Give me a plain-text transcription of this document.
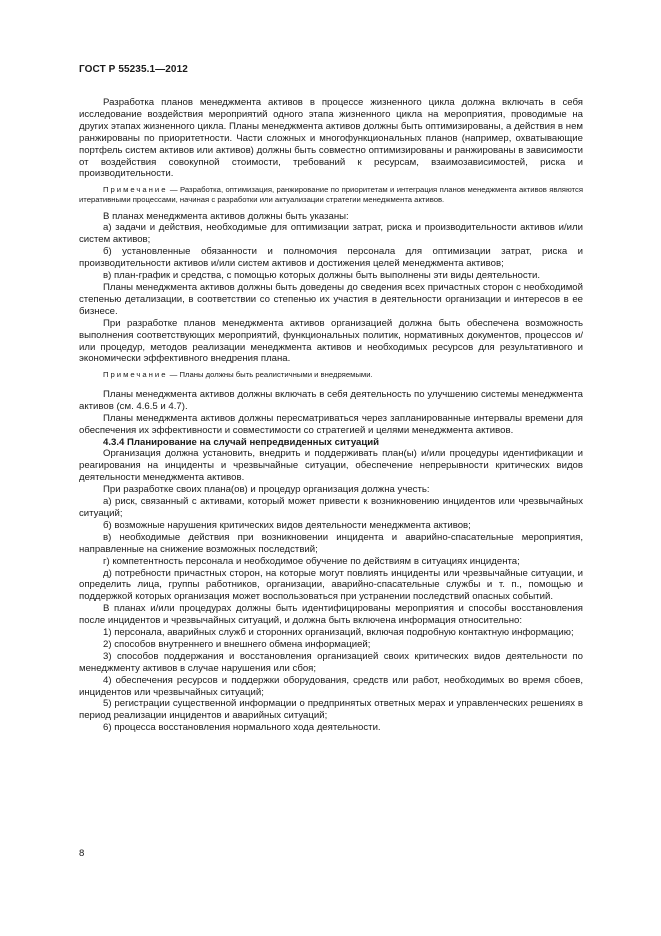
ГОСТ Р 55235.1—2012

Разработка планов менеджмента активов в процессе жизненного цикла должна включать в себя исследование воздействия мероприятий одного этапа жизненного цикла на мероприятия, проводимые на других этапах жизненного цикла. Планы менеджмента активов должны быть оптимизированы, а действия в нем ранжированы по приоритетности. Части сложных и многофункциональных планов (например, охватывающие портфель систем активов или активов) должны быть совместно оптимизированы и ранжированы в зависимости от воздействия совокупной стоимости, требований к ресурсам, взаимозависимостей, риска и производительности.

Примечание — Разработка, оптимизация, ранжирование по приоритетам и интеграция планов менеджмента активов являются итеративными процессами, начиная с разработки или актуализации стратегии менеджмента активов.

В планах менеджмента активов должны быть указаны:

а) задачи и действия, необходимые для оптимизации затрат, риска и производительности активов и/или систем активов;

б) установленные обязанности и полномочия персонала для оптимизации затрат, риска и производительности активов и/или систем активов и достижения целей менеджмента активов;

в) план-график и средства, с помощью которых должны быть выполнены эти виды деятельности.

Планы менеджмента активов должны быть доведены до сведения всех причастных сторон с необходимой степенью детализации, в соответствии со степенью их участия в деятельности организации и интересов в ее бизнесе.

При разработке планов менеджмента активов организацией должна быть обеспечена возможность выполнения соответствующих мероприятий, функциональных политик, нормативных документов, процессов и/или процедур, методов реализации менеджмента активов и необходимых ресурсов для результативного и экономически эффективного внедрения плана.

Примечание — Планы должны быть реалистичными и внедряемыми.

Планы менеджмента активов должны включать в себя деятельность по улучшению системы менеджмента активов (см. 4.6.5 и 4.7).

Планы менеджмента активов должны пересматриваться через запланированные интервалы времени для обеспечения их эффективности и совместимости со стратегией и целями менеджмента активов.

4.3.4 Планирование на случай непредвиденных ситуаций

Организация должна установить, внедрить и поддерживать план(ы) и/или процедуры идентификации и реагирования на инциденты и чрезвычайные ситуации, обеспечение непрерывности критических видов деятельности менеджмента активов.

При разработке своих плана(ов) и процедур организация должна учесть:

а) риск, связанный с активами, который может привести к возникновению инцидентов или чрезвычайных ситуаций;

б) возможные нарушения критических видов деятельности менеджмента активов;

в) необходимые действия при возникновении инцидента и аварийно-спасательные мероприятия, направленные на снижение возможных последствий;

г) компетентность персонала и необходимое обучение по действиям в ситуациях инцидента;

д) потребности причастных сторон, на которые могут повлиять инциденты или чрезвычайные ситуации, и определить лица, группы работников, организации, аварийно-спасательные службы и т. п., помощью и поддержкой которых организация может воспользоваться при устранении последствий опасных событий.

В планах и/или процедурах должны быть идентифицированы мероприятия и способы восстановления после инцидентов и чрезвычайных ситуаций, и должна быть включена информация относительно:

1) персонала, аварийных служб и сторонних организаций, включая подробную контактную информацию;

2) способов внутреннего и внешнего обмена информацией;

3) способов поддержания и восстановления организацией своих критических видов деятельности по менеджменту активов в случае нарушения или сбоя;

4) обеспечения ресурсов и поддержки оборудования, средств или работ, необходимых во время сбоев, инцидентов или чрезвычайных ситуаций;

5) регистрации существенной информации о предпринятых ответных мерах и управленческих решениях в период реализации инцидентов и аварийных ситуаций;

6) процесса восстановления нормального хода деятельности.

8
